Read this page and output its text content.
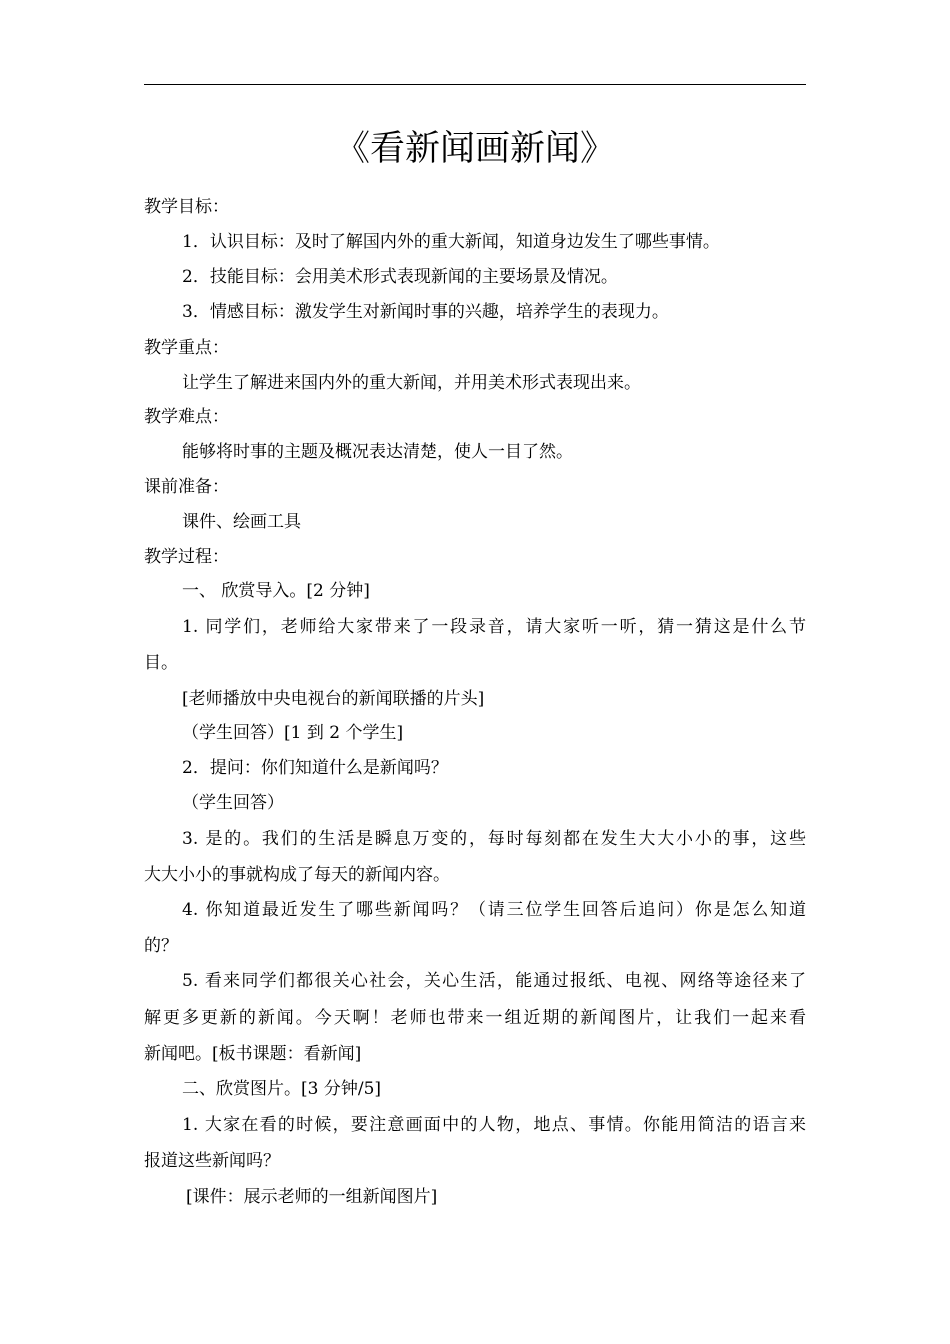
《看新闻画新闻》
教学目标：
1．认识目标：及时了解国内外的重大新闻，知道身边发生了哪些事情。
2．技能目标：会用美术形式表现新闻的主要场景及情况。
3．情感目标：激发学生对新闻时事的兴趣，培养学生的表现力。
教学重点：
让学生了解进来国内外的重大新闻，并用美术形式表现出来。
教学难点：
能够将时事的主题及概况表达清楚，使人一目了然。
课前准备：
课件、绘画工具
教学过程：
一、 欣赏导入。[2 分钟]
1. 同学们，老师给大家带来了一段录音，请大家听一听，猜一猜这是什么节
目。
[老师播放中央电视台的新闻联播的片头]
（学生回答）[1 到 2 个学生]
2．提问：你们知道什么是新闻吗？
（学生回答）
3. 是的。我们的生活是瞬息万变的，每时每刻都在发生大大小小的事，这些
大大小小的事就构成了每天的新闻内容。
4. 你知道最近发生了哪些新闻吗？（请三位学生回答后追问）你是怎么知道
的？
5. 看来同学们都很关心社会，关心生活，能通过报纸、电视、网络等途径来了
解更多更新的新闻。今天啊！老师也带来一组近期的新闻图片，让我们一起来看
新闻吧。[板书课题：看新闻]
二、欣赏图片。[3 分钟/5]
1. 大家在看的时候，要注意画面中的人物，地点、事情。你能用简洁的语言来
报道这些新闻吗？
[课件：展示老师的一组新闻图片]
